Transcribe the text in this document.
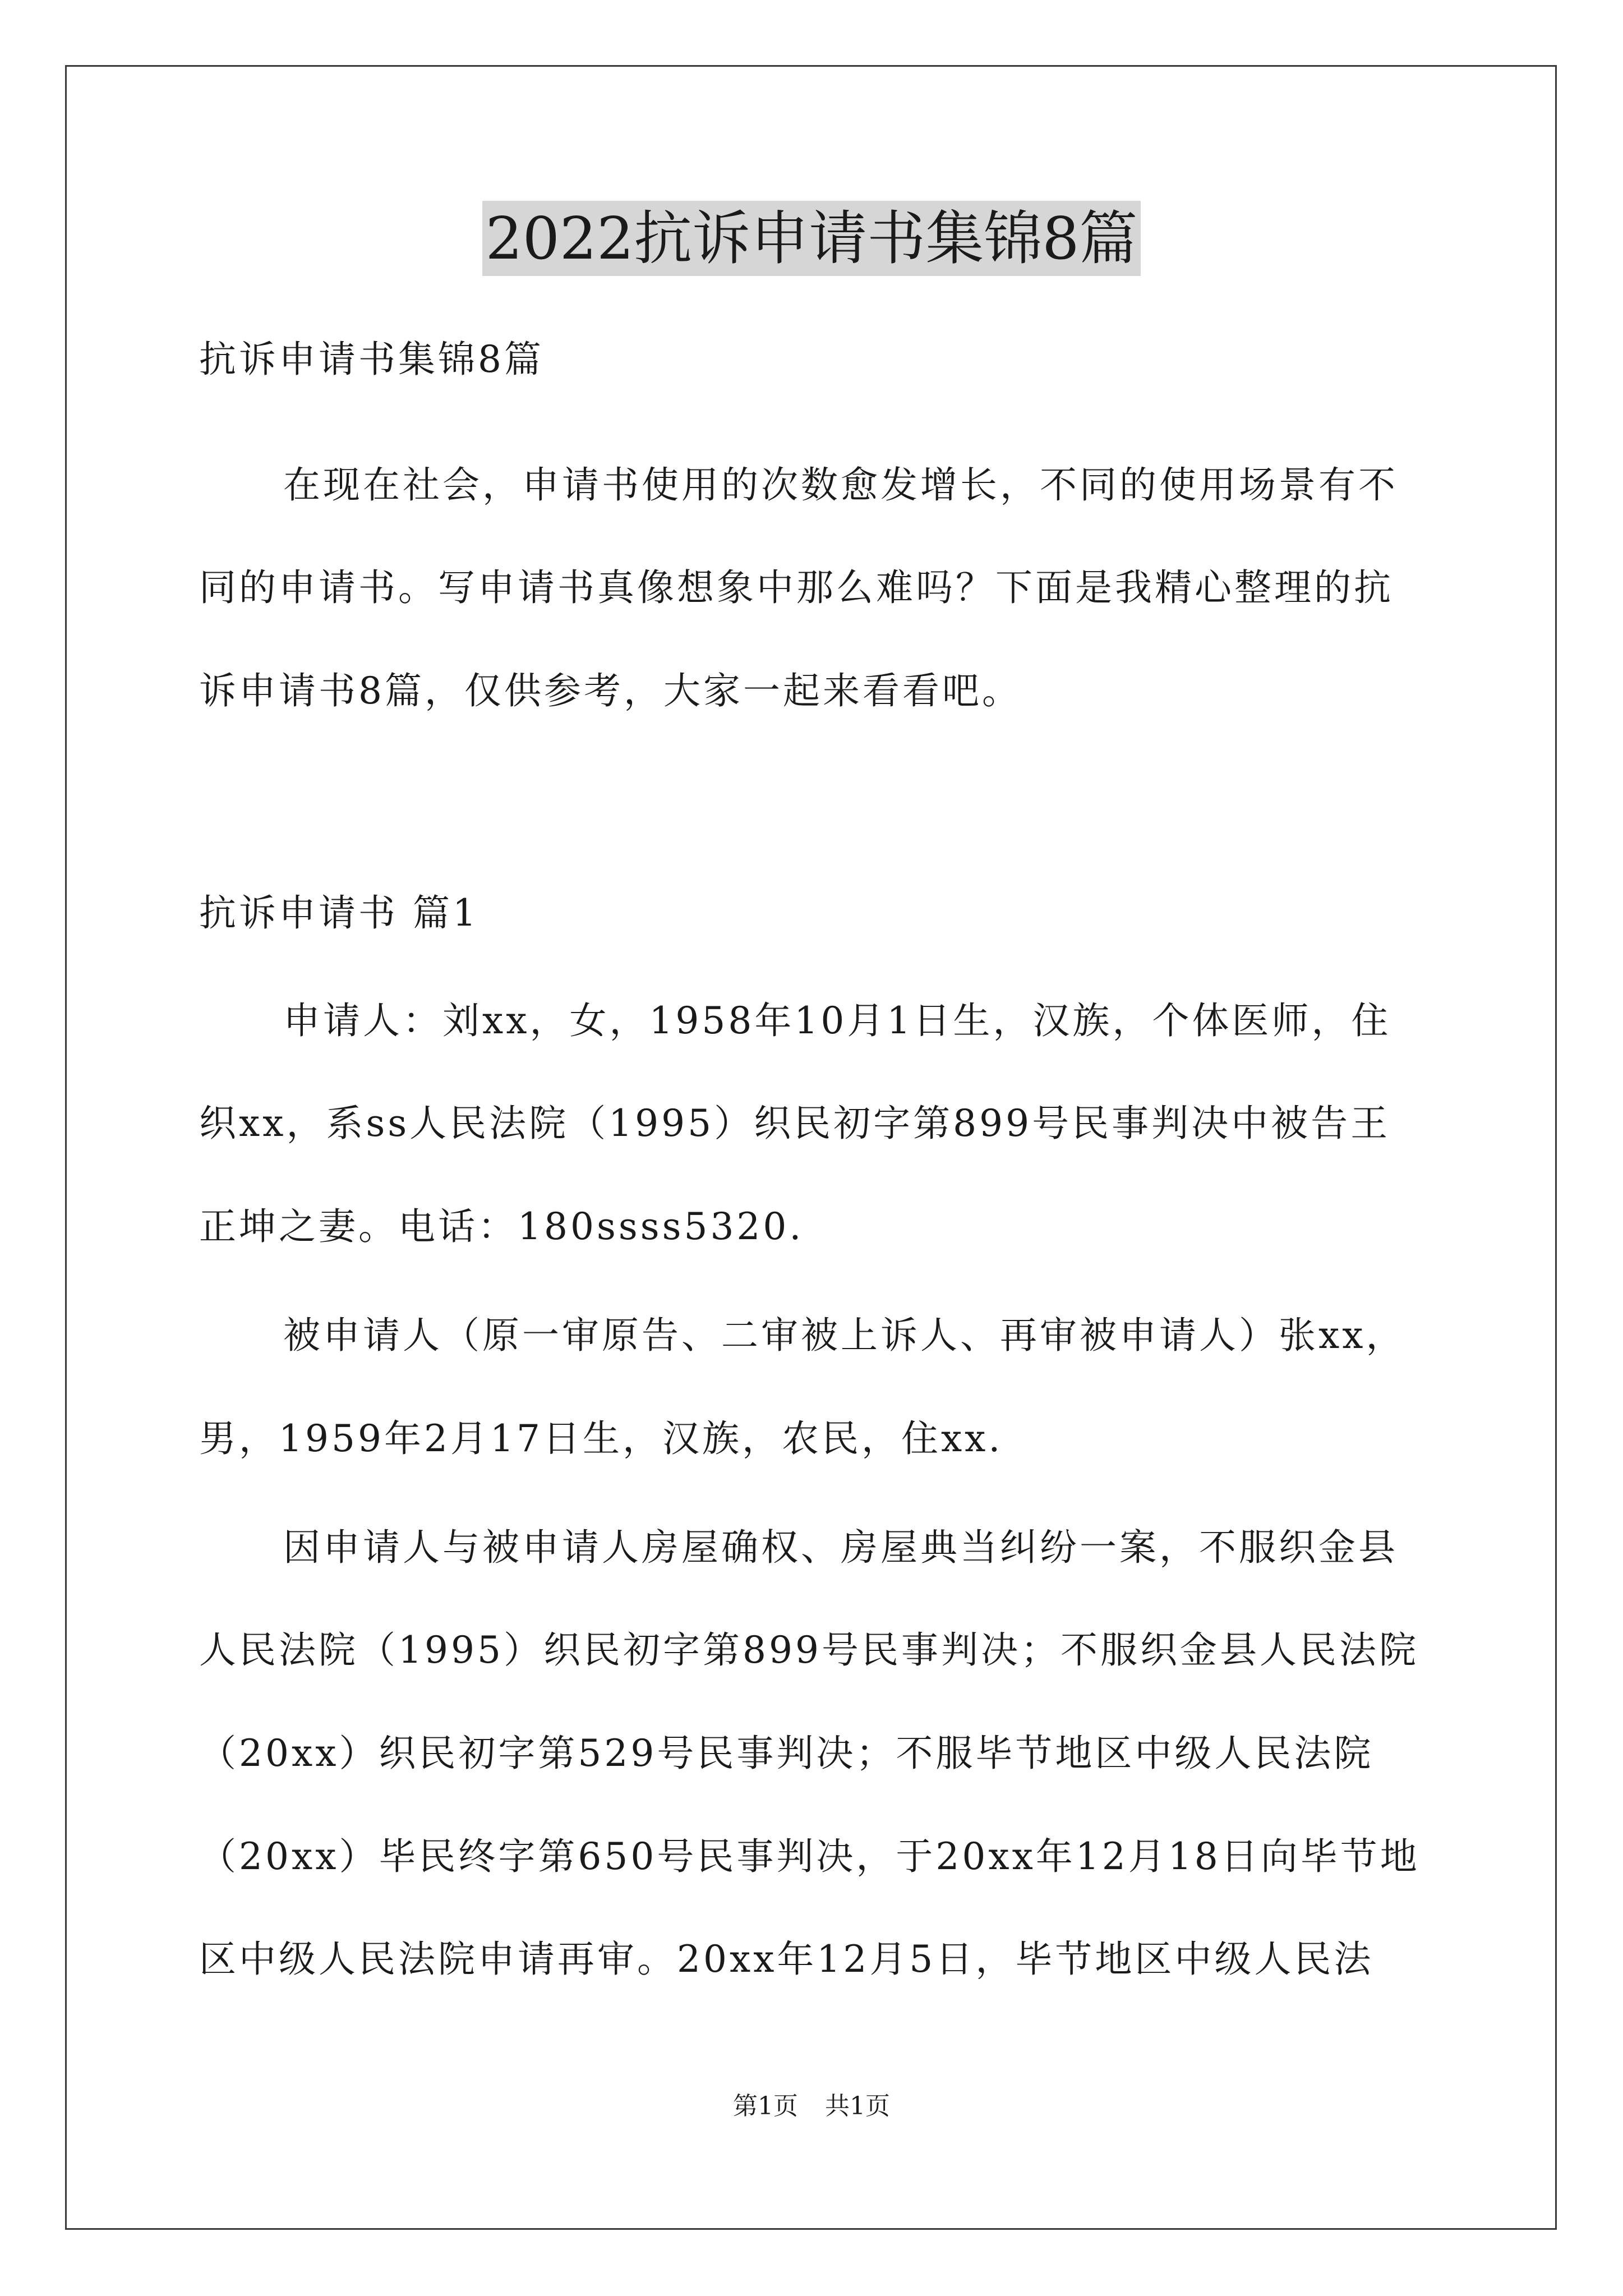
2022抗诉申请书集锦8篇
抗诉申请书集锦8篇
在现在社会，申请书使用的次数愈发增长，不同的使用场景有不
同的申请书。写申请书真像想象中那么难吗？下面是我精心整理的抗
诉申请书8篇，仅供参考，大家一起来看看吧。
抗诉申请书 篇1
申请人：刘xx，女，1958年10月1日生，汉族，个体医师，住
织xx，系ss人民法院（1995）织民初字第899号民事判决中被告王
正坤之妻。电话：180ssss5320.
被申请人（原一审原告、二审被上诉人、再审被申请人）张xx，
男，1959年2月17日生，汉族，农民，住xx.
因申请人与被申请人房屋确权、房屋典当纠纷一案，不服织金县
人民法院（1995）织民初字第899号民事判决；不服织金县人民法院
（20xx）织民初字第529号民事判决；不服毕节地区中级人民法院
（20xx）毕民终字第650号民事判决，于20xx年12月18日向毕节地
区中级人民法院申请再审。20xx年12月5日，毕节地区中级人民法
第1页 共1页
